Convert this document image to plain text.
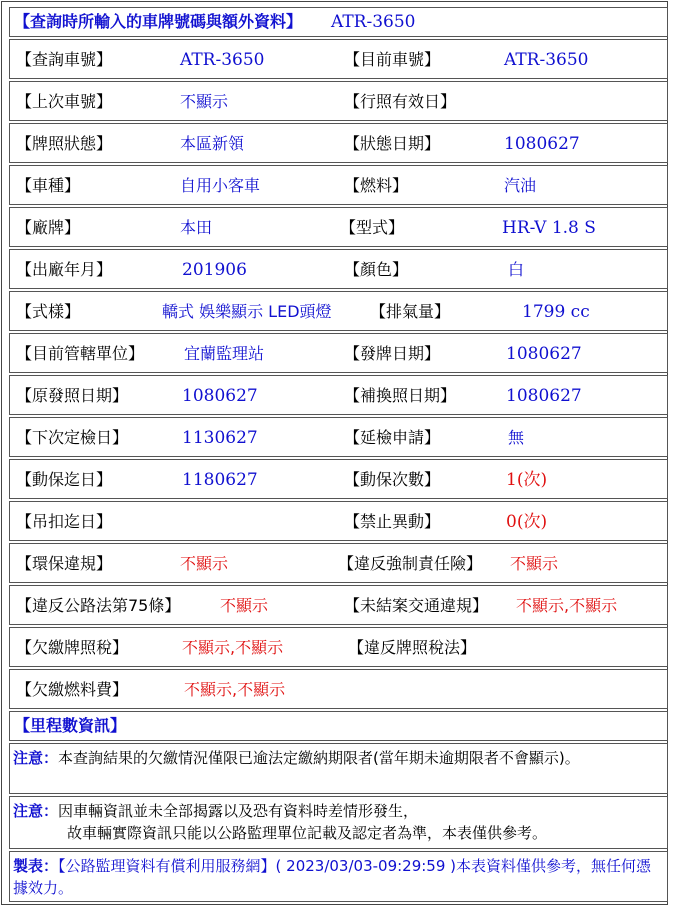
【查詢時所輸入的車牌號碼與額外資料】 ATR-3650
【查詢車號】	ATR-3650	【目前車號】	ATR-3650
【上次車號】	不顯示	【行照有效日】
【牌照狀態】	本區新領	【狀態日期】	1080627
【車種】	自用小客車	【燃料】	汽油
【廠牌】	本田	【型式】	HR-V 1.8 S
【出廠年月】	201906	【顏色】	白
【式樣】	轎式 娛樂顯示 LED頭燈 【排氣量】	1799 cc
【目前管轄單位】 宜蘭監理站	【發牌日期】	1080627
【原發照日期】	1080627	【補換照日期】	1080627
【下次定檢日】	1130627	【延檢申請】	無
【動保迄日】	1180627	【動保次數】	1(次)
【吊扣迄日】	【禁止異動】	0(次)
【環保違規】	不顯示	【違反強制責任險】 不顯示
【違反公路法第75條】 不顯示	【未結案交通違規】 不顯示,不顯示
【欠繳牌照稅】	不顯示,不顯示	【違反牌照稅法】
【欠繳燃料費】	不顯示,不顯示
【里程數資訊】
注意：本查詢結果的欠繳情況僅限已逾法定繳納期限者(當年期未逾期限者不會顯示)。
注意：因車輛資訊並未全部揭露以及恐有資料時差情形發生，
故車輛實際資訊只能以公路監理單位記載及認定者為準，本表僅供參考。
製表：【公路監理資料有償利用服務網】( 2023/03/03-09:29:59 )本表資料僅供參考，無任何憑據效力。
